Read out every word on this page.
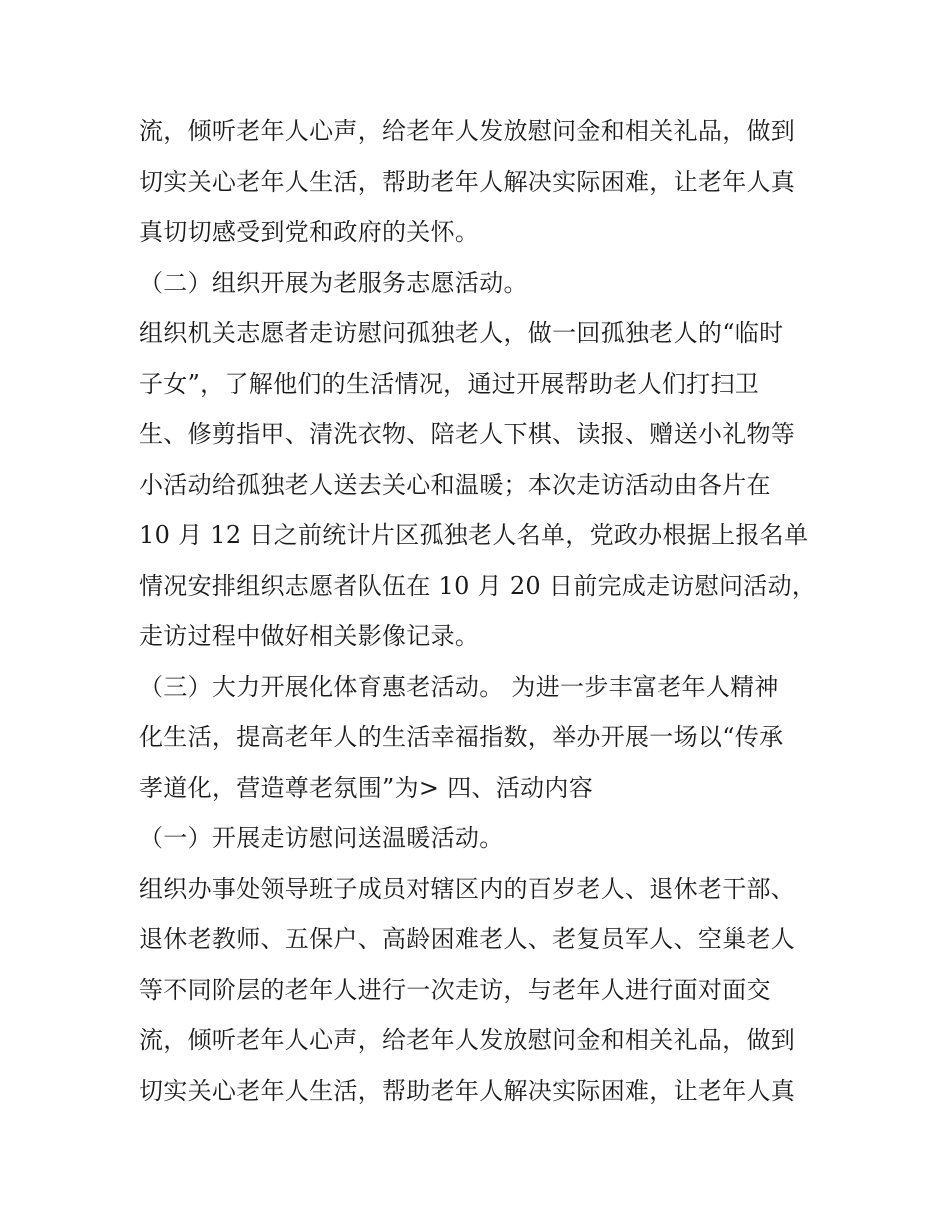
流，倾听老年人心声，给老年人发放慰问金和相关礼品，做到
切实关心老年人生活，帮助老年人解决实际困难，让老年人真
真切切感受到党和政府的关怀。
（二）组织开展为老服务志愿活动。
组织机关志愿者走访慰问孤独老人，做一回孤独老人的“临时
子女”，了解他们的生活情况，通过开展帮助老人们打扫卫
生、修剪指甲、清洗衣物、陪老人下棋、读报、赠送小礼物等
小活动给孤独老人送去关心和温暖；本次走访活动由各片在
10 月 12 日之前统计片区孤独老人名单，党政办根据上报名单
情况安排组织志愿者队伍在 10 月 20 日前完成走访慰问活动，
走访过程中做好相关影像记录。
（三）大力开展化体育惠老活动。 为进一步丰富老年人精神
化生活，提高老年人的生活幸福指数，举办开展一场以“传承
孝道化，营造尊老氛围”为> 四、活动内容
（一）开展走访慰问送温暖活动。
组织办事处领导班子成员对辖区内的百岁老人、退休老干部、
退休老教师、五保户、高龄困难老人、老复员军人、空巢老人
等不同阶层的老年人进行一次走访，与老年人进行面对面交
流，倾听老年人心声，给老年人发放慰问金和相关礼品，做到
切实关心老年人生活，帮助老年人解决实际困难，让老年人真
